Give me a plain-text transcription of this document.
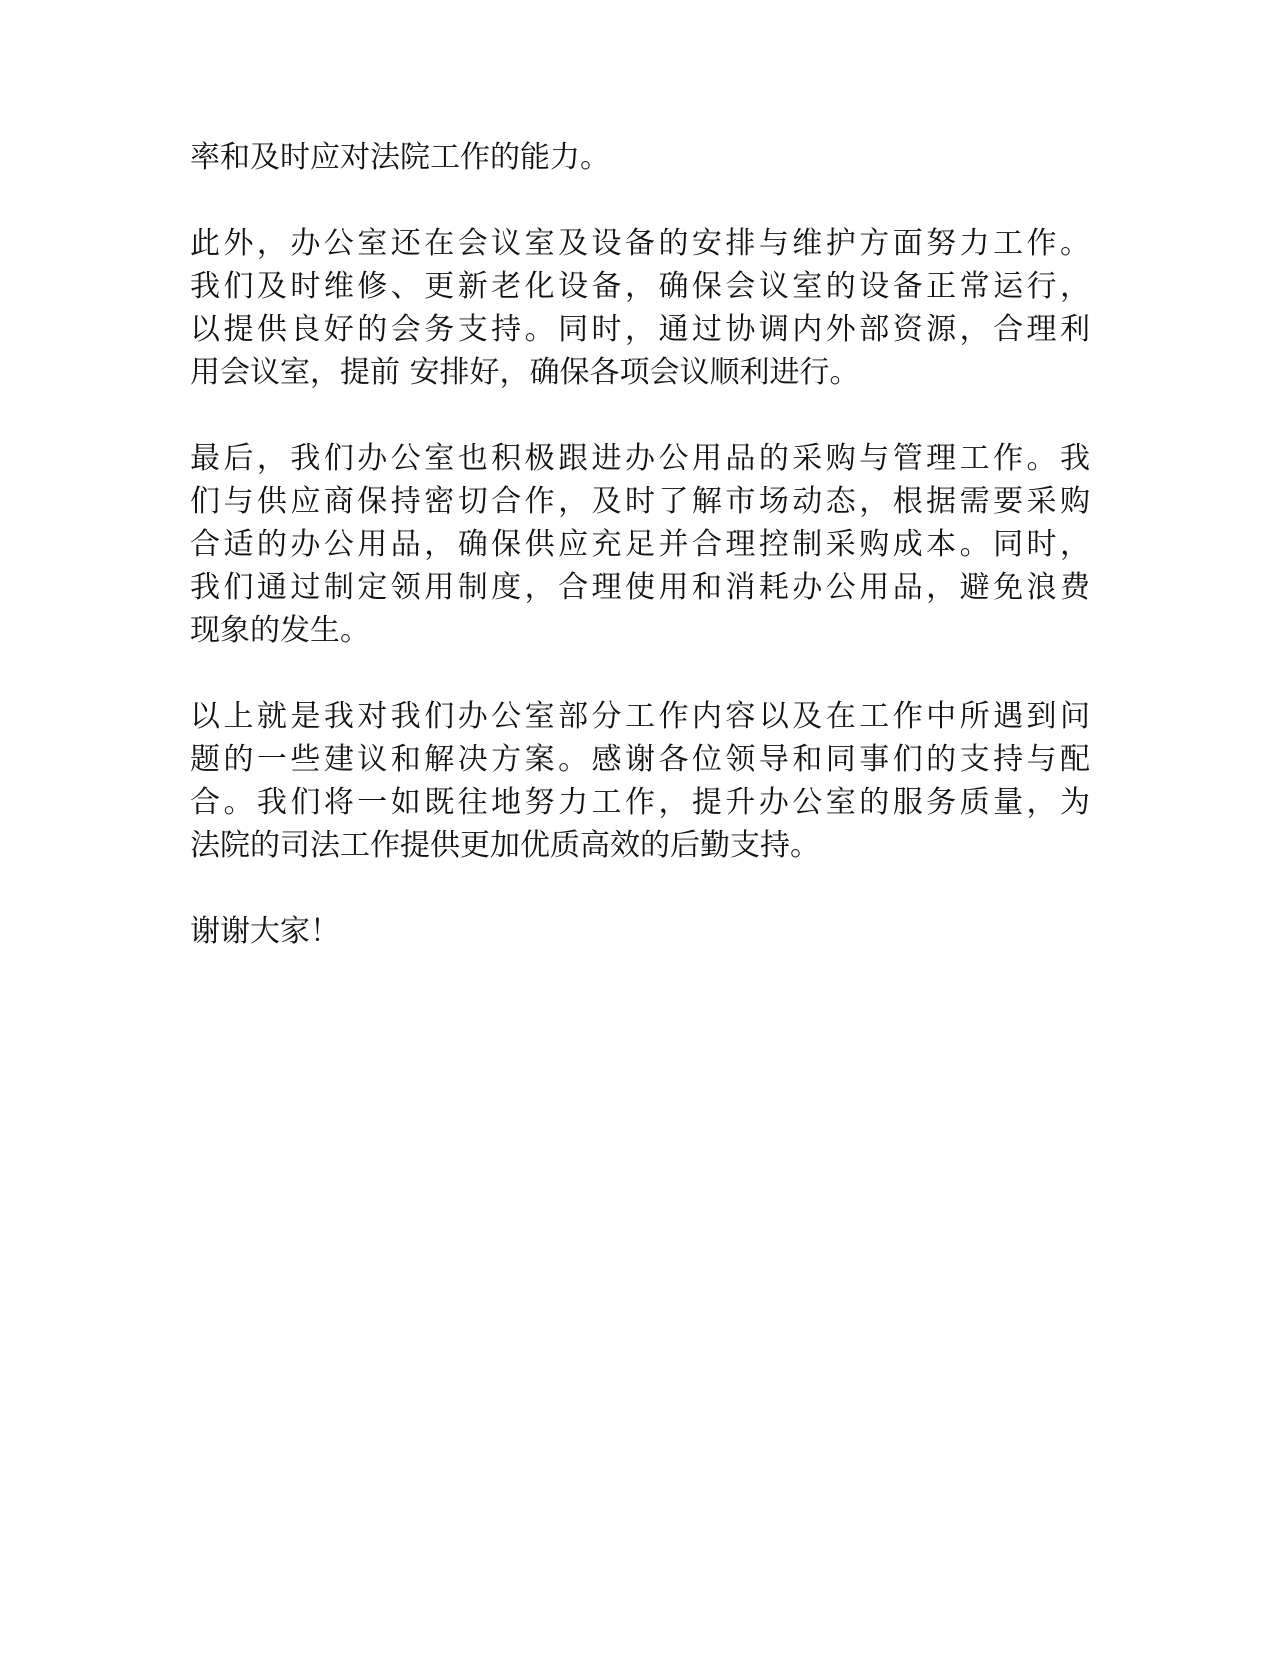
率和及时应对法院工作的能力。

此外，办公室还在会议室及设备的安排与维护方面努力工作。
我们及时维修、更新老化设备，确保会议室的设备正常运行，
以提供良好的会务支持。同时，通过协调内外部资源，合理利
用会议室，提前 安排好，确保各项会议顺利进行。

最后，我们办公室也积极跟进办公用品的采购与管理工作。我
们与供应商保持密切合作，及时了解市场动态，根据需要采购
合适的办公用品，确保供应充足并合理控制采购成本。同时，
我们通过制定领用制度，合理使用和消耗办公用品，避免浪费
现象的发生。

以上就是我对我们办公室部分工作内容以及在工作中所遇到问
题的一些建议和解决方案。感谢各位领导和同事们的支持与配
合。我们将一如既往地努力工作，提升办公室的服务质量，为
法院的司法工作提供更加优质高效的后勤支持。

谢谢大家！
